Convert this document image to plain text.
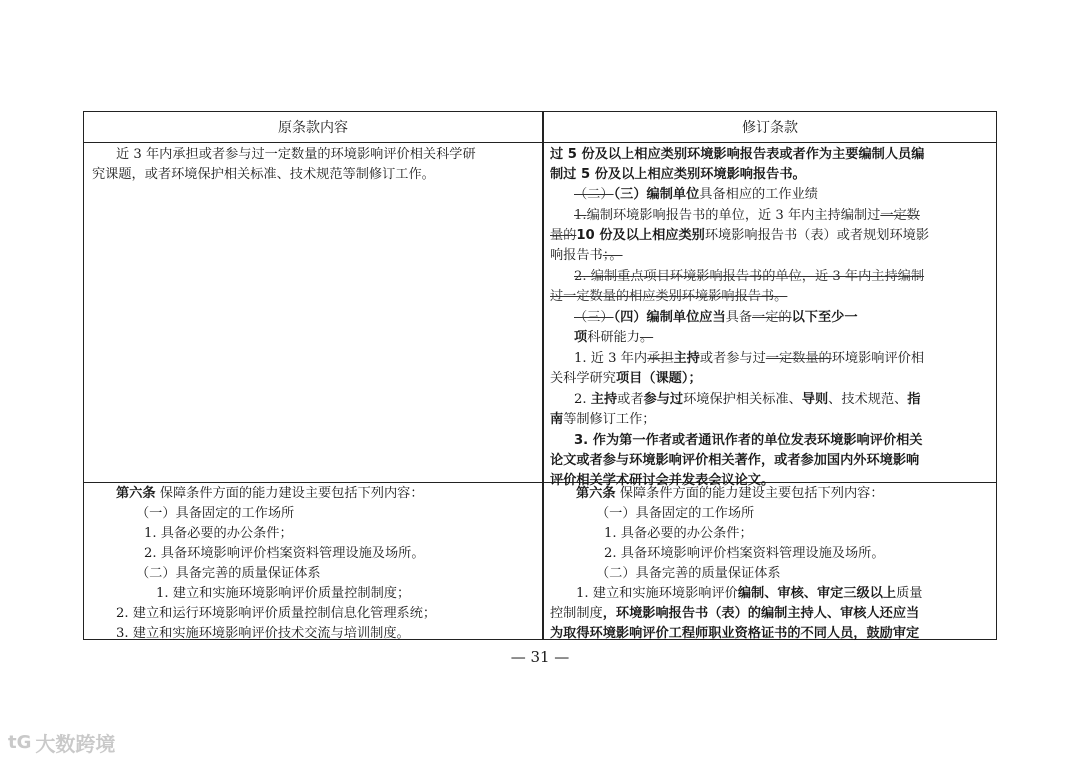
原条款内容	修订条款
近 3 年内承担或者参与过一定数量的环境影响评价相关科学研
究课题，或者环境保护相关标准、技术规范等制修订工作。
过 5 份及以上相应类别环境影响报告表或者作为主要编制人员编
制过 5 份及以上相应类别环境影响报告书。
（二）（三）编制单位具备相应的工作业绩
1.编制环境影响报告书的单位，近 3 年内主持编制过一定数
量的10 份及以上相应类别环境影响报告书（表）或者规划环境影
响报告书；。
2. 编制重点项目环境影响报告书的单位，近 3 年内主持编制
过一定数量的相应类别环境影响报告书。
（三）（四）编制单位应当具备一定的以下至少一
项科研能力。
1. 近 3 年内承担主持或者参与过一定数量的环境影响评价相
关科学研究项目（课题）；
2. 主持或者参与过环境保护相关标准、导则、技术规范、指
南等制修订工作；
3. 作为第一作者或者通讯作者的单位发表环境影响评价相关
论文或者参与环境影响评价相关著作，或者参加国内外环境影响
评价相关学术研讨会并发表会议论文。
第六条 保障条件方面的能力建设主要包括下列内容：
（一）具备固定的工作场所
1. 具备必要的办公条件；
2. 具备环境影响评价档案资料管理设施及场所。
（二）具备完善的质量保证体系
1. 建立和实施环境影响评价质量控制制度；
2. 建立和运行环境影响评价质量控制信息化管理系统；
3. 建立和实施环境影响评价技术交流与培训制度。
第六条 保障条件方面的能力建设主要包括下列内容：
（一）具备固定的工作场所
1. 具备必要的办公条件；
2. 具备环境影响评价档案资料管理设施及场所。
（二）具备完善的质量保证体系
1. 建立和实施环境影响评价编制、审核、审定三级以上质量
控制制度，环境影响报告书（表）的编制主持人、审核人还应当
为取得环境影响评价工程师职业资格证书的不同人员，鼓励审定
— 31 —
tG 大数跨境
